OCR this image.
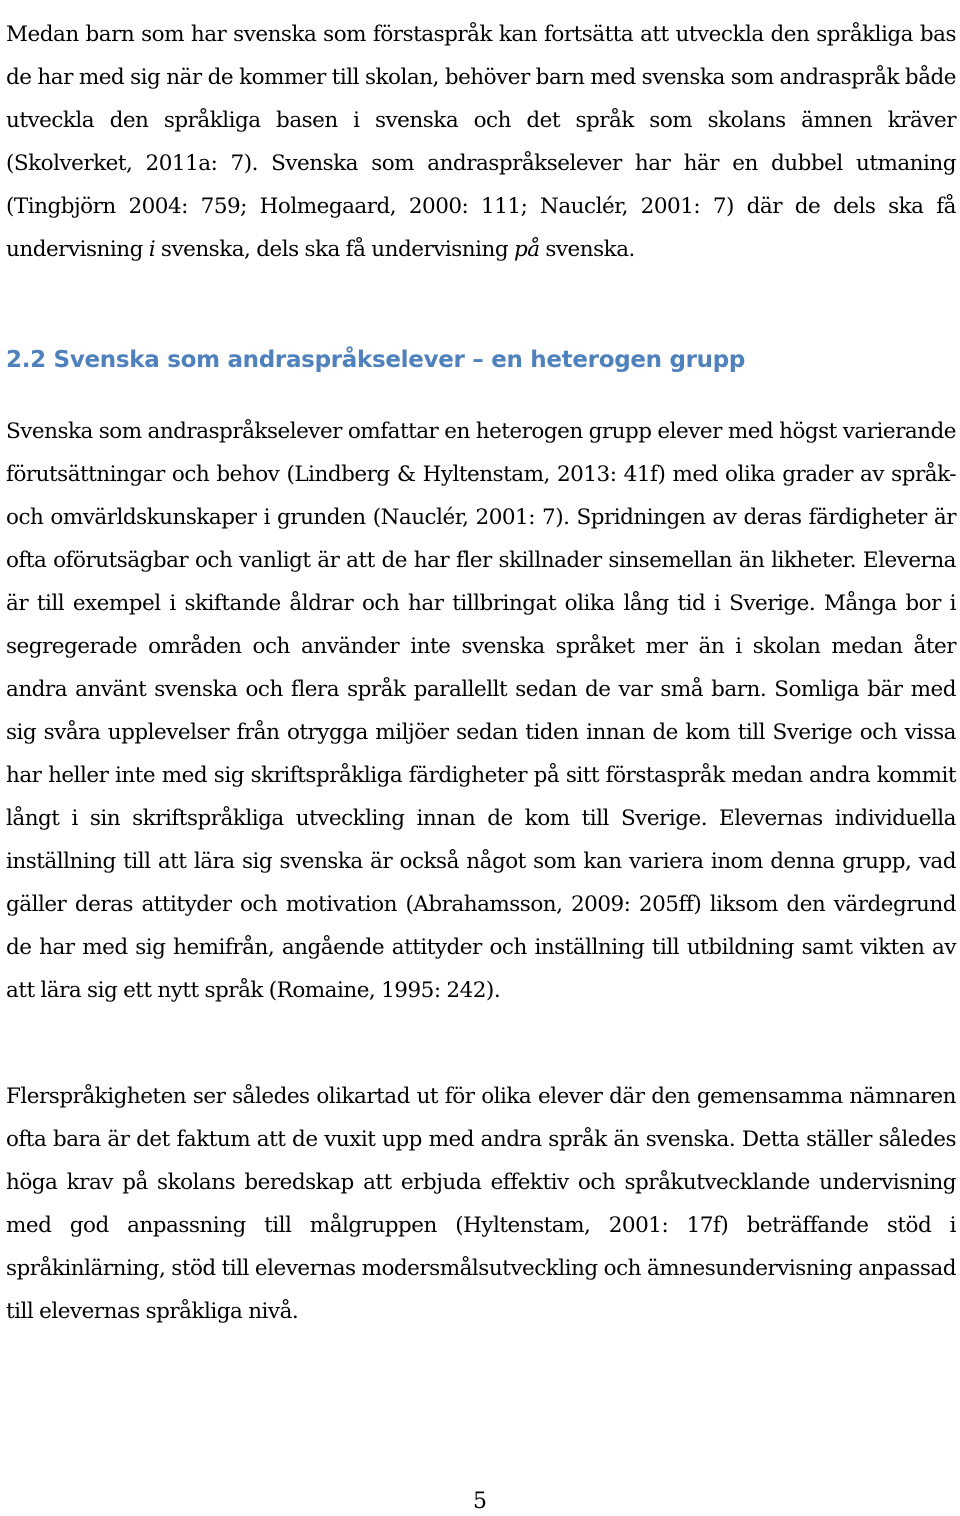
Medan barn som har svenska som förstaspråk kan fortsätta att utveckla den språkliga bas de har med sig när de kommer till skolan, behöver barn med svenska som andraspråk både utveckla den språkliga basen i svenska och det språk som skolans ämnen kräver (Skolverket, 2011a: 7). Svenska som andraspråkselever har här en dubbel utmaning (Tingbjörn 2004: 759; Holmegaard, 2000: 111; Nauclér, 2001: 7) där de dels ska få undervisning i svenska, dels ska få undervisning på svenska.

2.2 Svenska som andraspråkselever – en heterogen grupp

Svenska som andraspråkselever omfattar en heterogen grupp elever med högst varierande förutsättningar och behov (Lindberg & Hyltenstam, 2013: 41f) med olika grader av språk- och omvärldskunskaper i grunden (Nauclér, 2001: 7). Spridningen av deras färdigheter är ofta oförutsägbar och vanligt är att de har fler skillnader sinsemellan än likheter. Eleverna är till exempel i skiftande åldrar och har tillbringat olika lång tid i Sverige. Många bor i segregerade områden och använder inte svenska språket mer än i skolan medan åter andra använt svenska och flera språk parallellt sedan de var små barn. Somliga bär med sig svåra upplevelser från otrygga miljöer sedan tiden innan de kom till Sverige och vissa har heller inte med sig skriftspråkliga färdigheter på sitt förstaspråk medan andra kommit långt i sin skriftspråkliga utveckling innan de kom till Sverige. Elevernas individuella inställning till att lära sig svenska är också något som kan variera inom denna grupp, vad gäller deras attityder och motivation (Abrahamsson, 2009: 205ff) liksom den värdegrund de har med sig hemifrån, angående attityder och inställning till utbildning samt vikten av att lära sig ett nytt språk (Romaine, 1995: 242).

Flerspråkigheten ser således olikartad ut för olika elever där den gemensamma nämnaren ofta bara är det faktum att de vuxit upp med andra språk än svenska. Detta ställer således höga krav på skolans beredskap att erbjuda effektiv och språkutvecklande undervisning med god anpassning till målgruppen (Hyltenstam, 2001: 17f) beträffande stöd i språkinlärning, stöd till elevernas modersmålsutveckling och ämnesundervisning anpassad till elevernas språkliga nivå.

5
